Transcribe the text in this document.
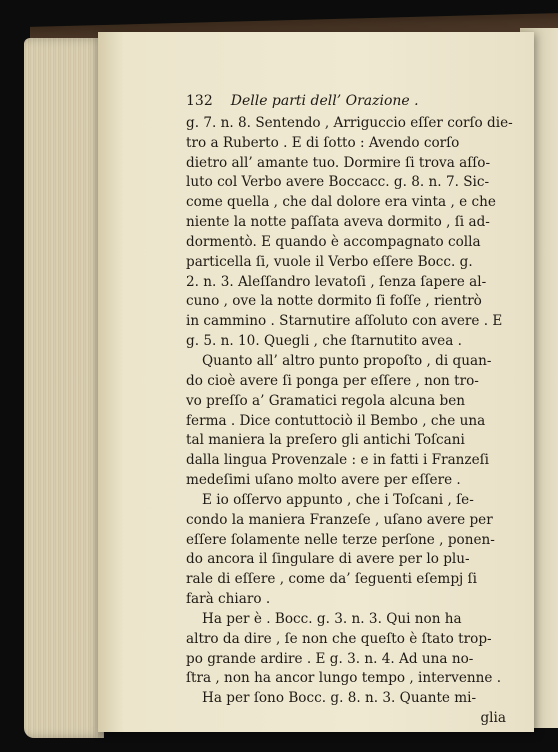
132 Delle parti dell’ Orazione .
g. 7. n. 8. Sentendo , Arriguccio eſſer corſo die-
tro a Ruberto . E di ſotto : Avendo corſo
dietro all’ amante tuo. Dormire ſi trova aſſo-
luto col Verbo avere Boccacc. g. 8. n. 7. Sic-
come quella , che dal dolore era vinta , e che
niente la notte paſſata aveva dormito , ſi ad-
dormentò. E quando è accompagnato colla
particella ſi, vuole il Verbo eſſere Bocc. g.
2. n. 3. Aleſſandro levatoſi , ſenza ſapere al-
cuno , ove la notte dormito ſi foſſe , rientrò
in cammino . Starnutire aſſoluto con avere . E
g. 5. n. 10. Quegli , che ſtarnutito avea .
Quanto all’ altro punto propoſto , di quan-
do cioè avere ſi ponga per eſſere , non tro-
vo preſſo a’ Gramatici regola alcuna ben
ferma . Dice contuttociò il Bembo , che una
tal maniera la preſero gli antichi Toſcani
dalla lingua Provenzale : e in fatti i Franzeſi
medeſimi uſano molto avere per eſſere .
E io oſſervo appunto , che i Toſcani , ſe-
condo la maniera Franzeſe , uſano avere per
eſſere ſolamente nelle terze perſone , ponen-
do ancora il ſingulare di avere per lo plu-
rale di eſſere , come da’ ſeguenti eſempj ſi
farà chiaro .
Ha per è . Bocc. g. 3. n. 3. Qui non ha
altro da dire , ſe non che queſto è ſtato trop-
po grande ardire . E g. 3. n. 4. Ad una no-
ſtra , non ha ancor lungo tempo , intervenne .
Ha per ſono Bocc. g. 8. n. 3. Quante mi-
glia
